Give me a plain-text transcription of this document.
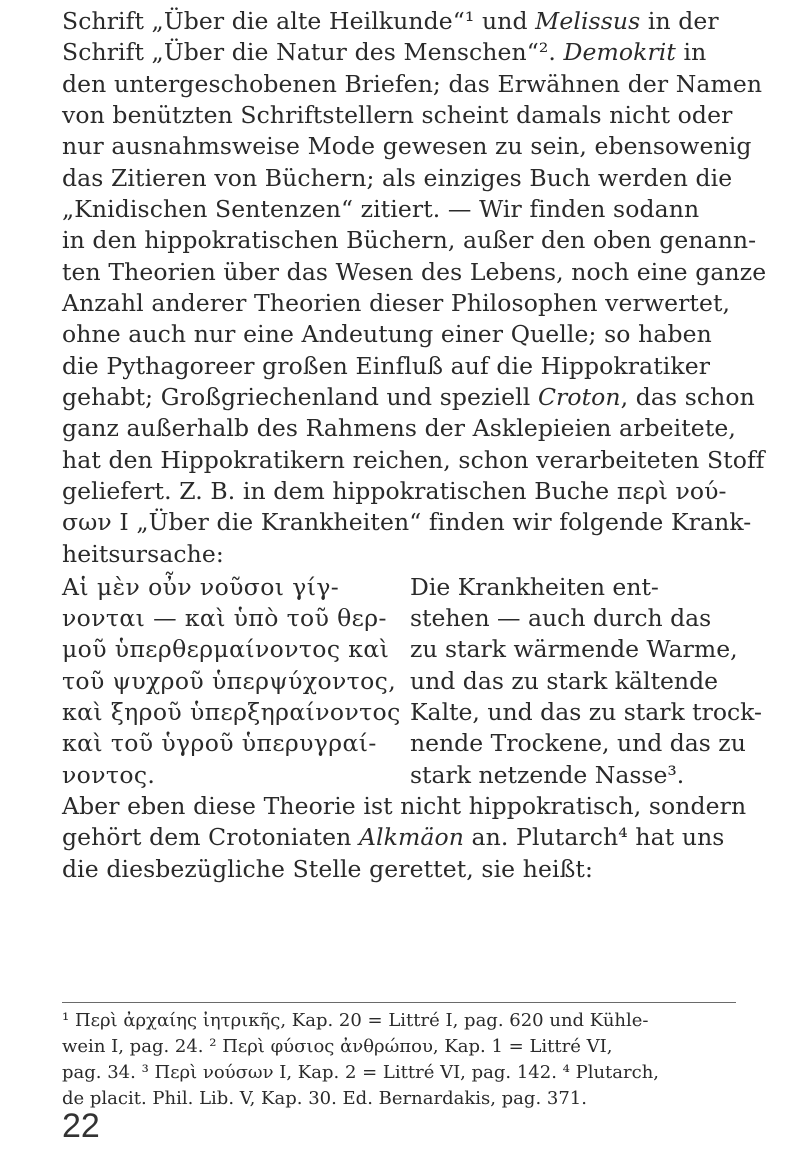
Schrift „Über die alte Heilkunde“¹ und Melissus in der
Schrift „Über die Natur des Menschen“². Demokrit in
den untergeschobenen Briefen; das Erwähnen der Namen
von benützten Schriftstellern scheint damals nicht oder
nur ausnahmsweise Mode gewesen zu sein, ebensowenig
das Zitieren von Büchern; als einziges Buch werden die
„Knidischen Sentenzen“ zitiert. — Wir finden sodann
in den hippokratischen Büchern, außer den oben genann-
ten Theorien über das Wesen des Lebens, noch eine ganze
Anzahl anderer Theorien dieser Philosophen verwertet,
ohne auch nur eine Andeutung einer Quelle; so haben
die Pythagoreer großen Einfluß auf die Hippokratiker
gehabt; Großgriechenland und speziell Croton, das schon
ganz außerhalb des Rahmens der Asklepieien arbeitete,
hat den Hippokratikern reichen, schon verarbeiteten Stoff
geliefert. Z. B. in dem hippokratischen Buche περὶ νού-
σων I „Über die Krankheiten“ finden wir folgende Krank-
heitsursache:
Αἱ μὲν οὖν νοῦσοι γίγ-
νονται — καὶ ὑπὸ τοῦ θερ-
μοῦ ὑπερθερμαίνοντος καὶ
τοῦ ψυχροῦ ὑπερψύχοντος,
καὶ ξηροῦ ὑπερξηραίνοντος
καὶ τοῦ ὑγροῦ ὑπερυγραί-
νοντος.
Die Krankheiten ent-
stehen — auch durch das
zu stark wärmende Warme,
und das zu stark kältende
Kalte, und das zu stark trock-
nende Trockene, und das zu
stark netzende Nasse³.
Aber eben diese Theorie ist nicht hippokratisch, sondern
gehört dem Crotoniaten Alkmäon an. Plutarch⁴ hat uns
die diesbezügliche Stelle gerettet, sie heißt:
¹ Περὶ ἀρχαίης ἰητρικῆς, Kap. 20 = Littré I, pag. 620 und Kühle-
wein I, pag. 24. ² Περὶ φύσιος ἀνθρώπου, Kap. 1 = Littré VI,
pag. 34. ³ Περὶ νούσων I, Kap. 2 = Littré VI, pag. 142. ⁴ Plutarch,
de placit. Phil. Lib. V, Kap. 30. Ed. Bernardakis, pag. 371.
22
